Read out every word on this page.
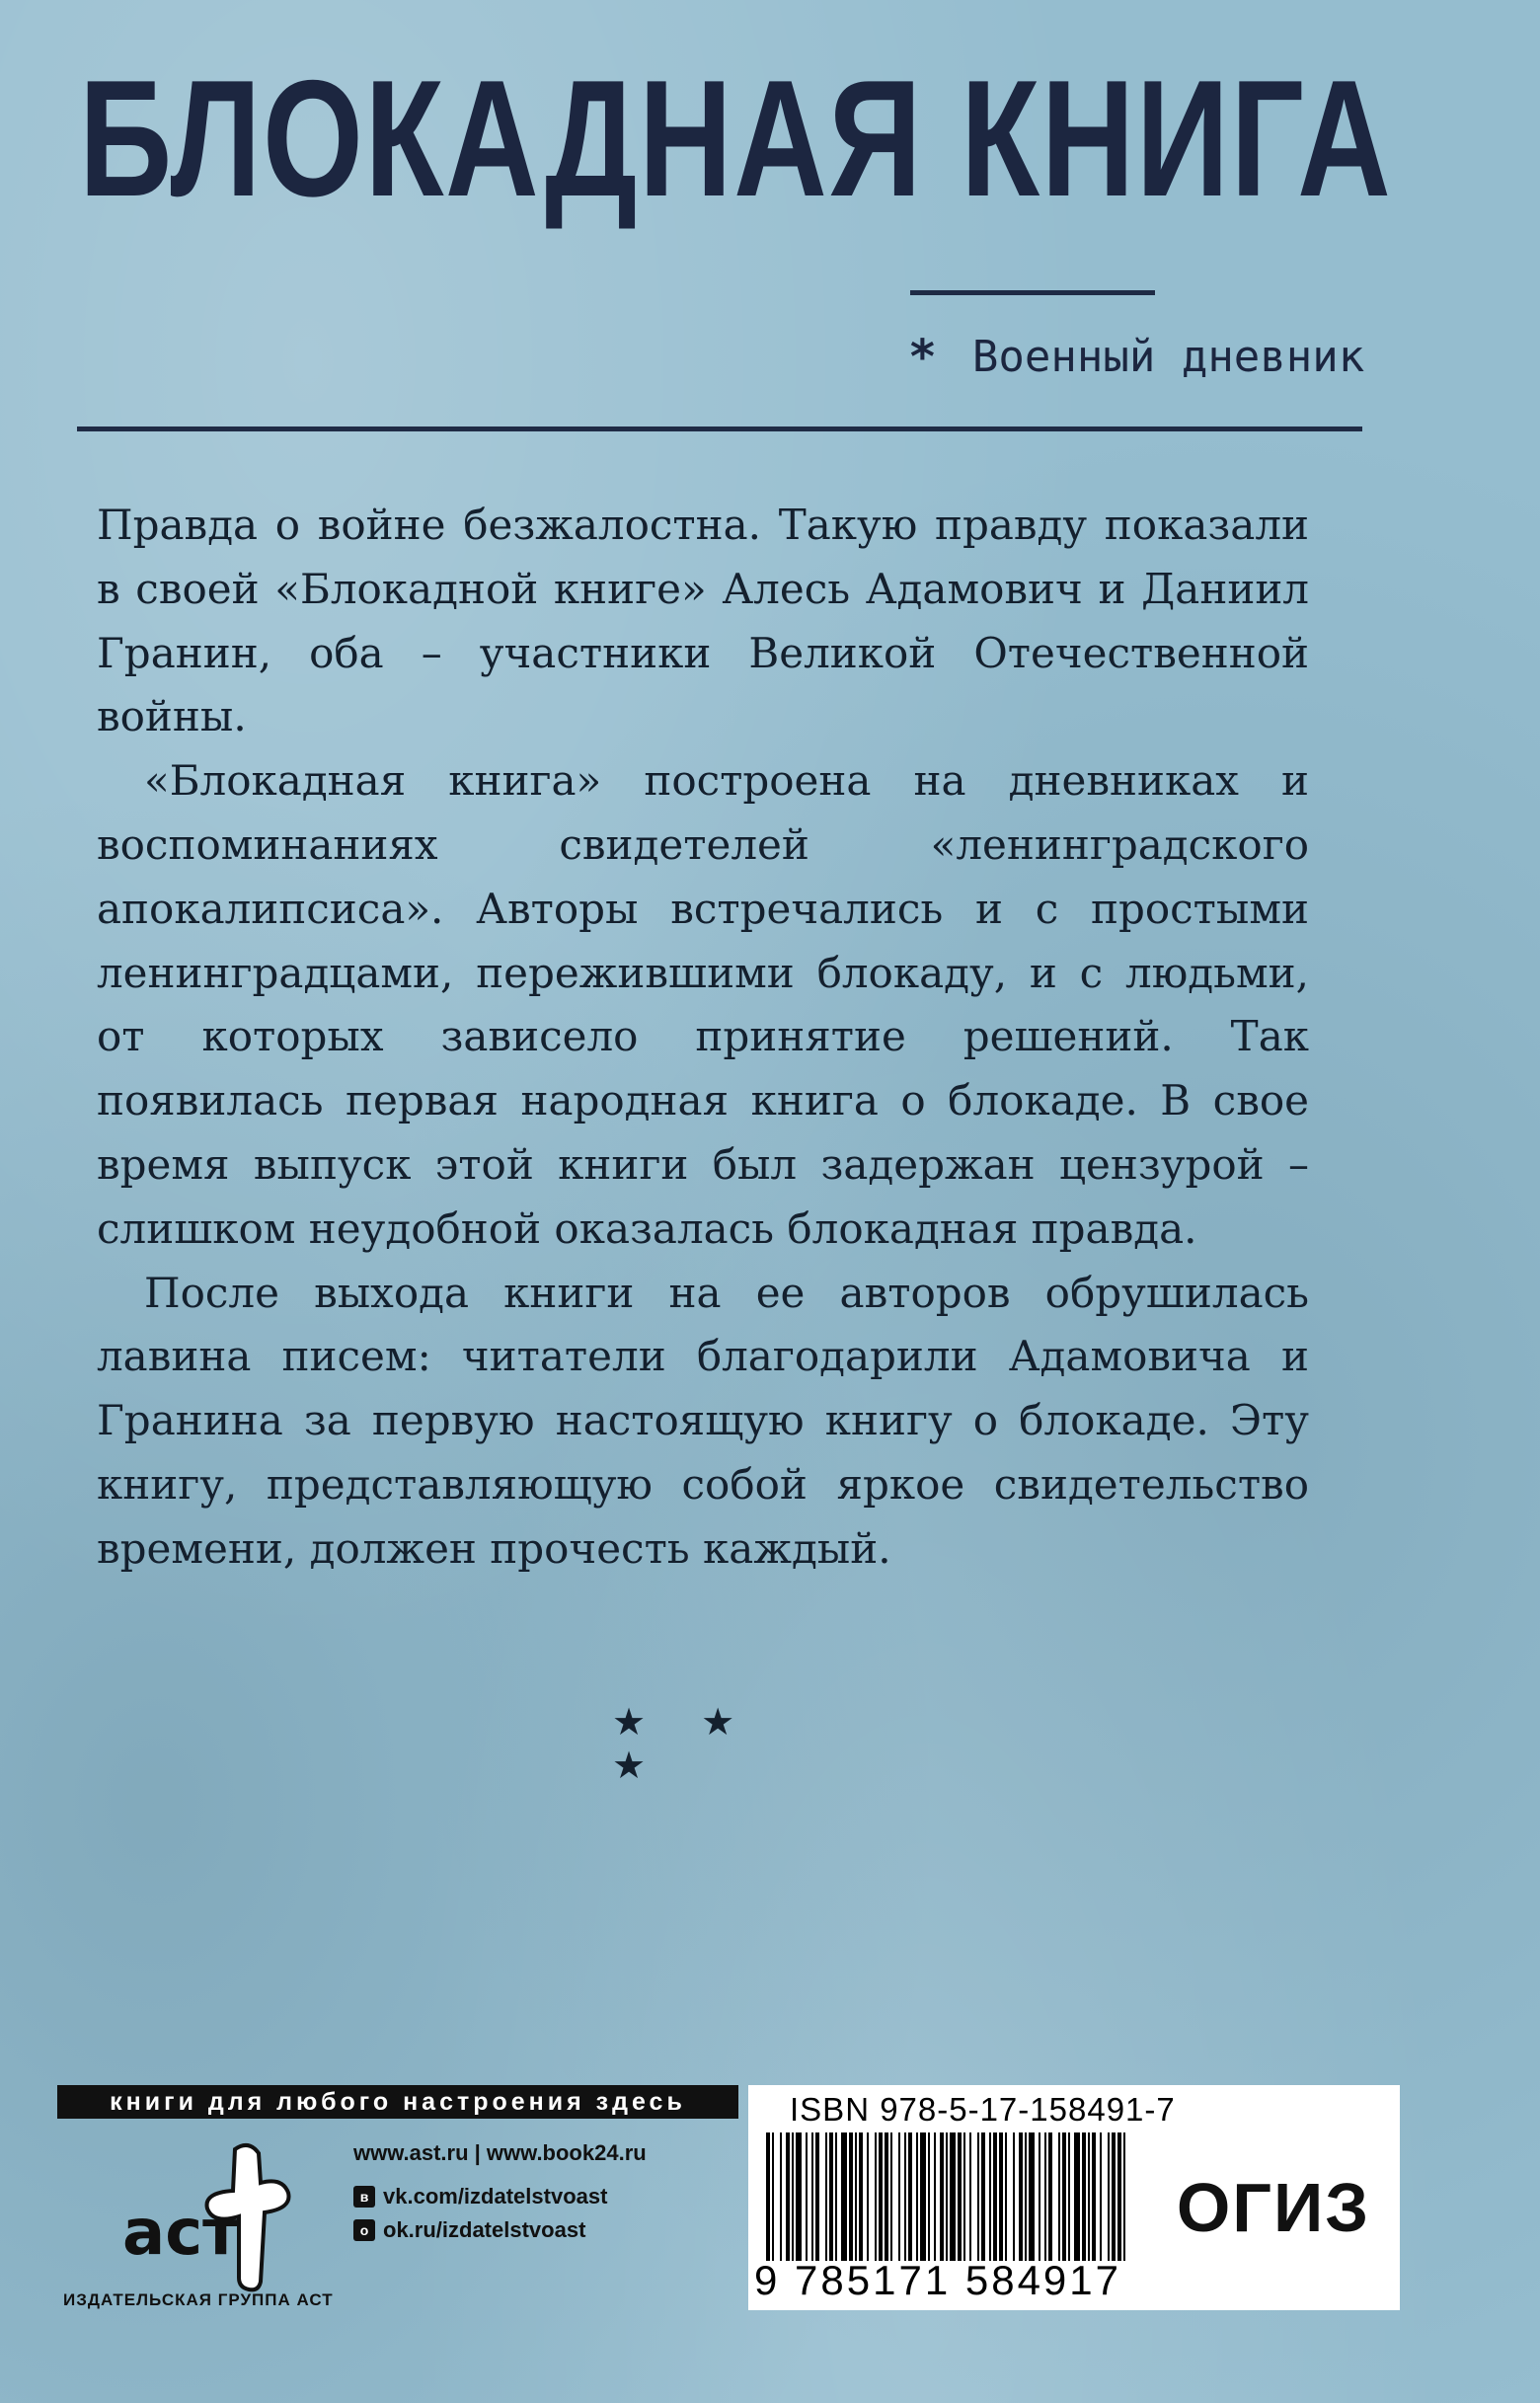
БЛОКАДНАЯ КНИГА
* Военный дневник

Правда о войне безжалостна. Такую правду показали в своей «Блокадной книге» Алесь Адамович и Даниил Гранин, оба – участники Великой Отечественной войны.

«Блокадная книга» построена на дневниках и воспоминаниях свидетелей «ленинградского апокалипсиса». Авторы встречались и с простыми ленинградцами, пережившими блокаду, и с людьми, от которых зависело принятие решений. Так появилась первая народная книга о блокаде. В свое время выпуск этой книги был задержан цензурой – слишком неудобной оказалась блокадная правда.

После выхода книги на ее авторов обрушилась лавина писем: читатели благодарили Адамовича и Гранина за первую настоящую книгу о блокаде. Эту книгу, представляющую собой яркое свидетельство времени, должен прочесть каждый.

★ ★ ★
книги для любого настроения здесь
аст
ИЗДАТЕЛЬСКАЯ ГРУППА АСТ
www.ast.ru | www.book24.ru
в vk.com/izdatelstvoast
о ok.ru/izdatelstvoast
ISBN 978-5-17-158491-7
9 785171 584917
ОГИЗ
